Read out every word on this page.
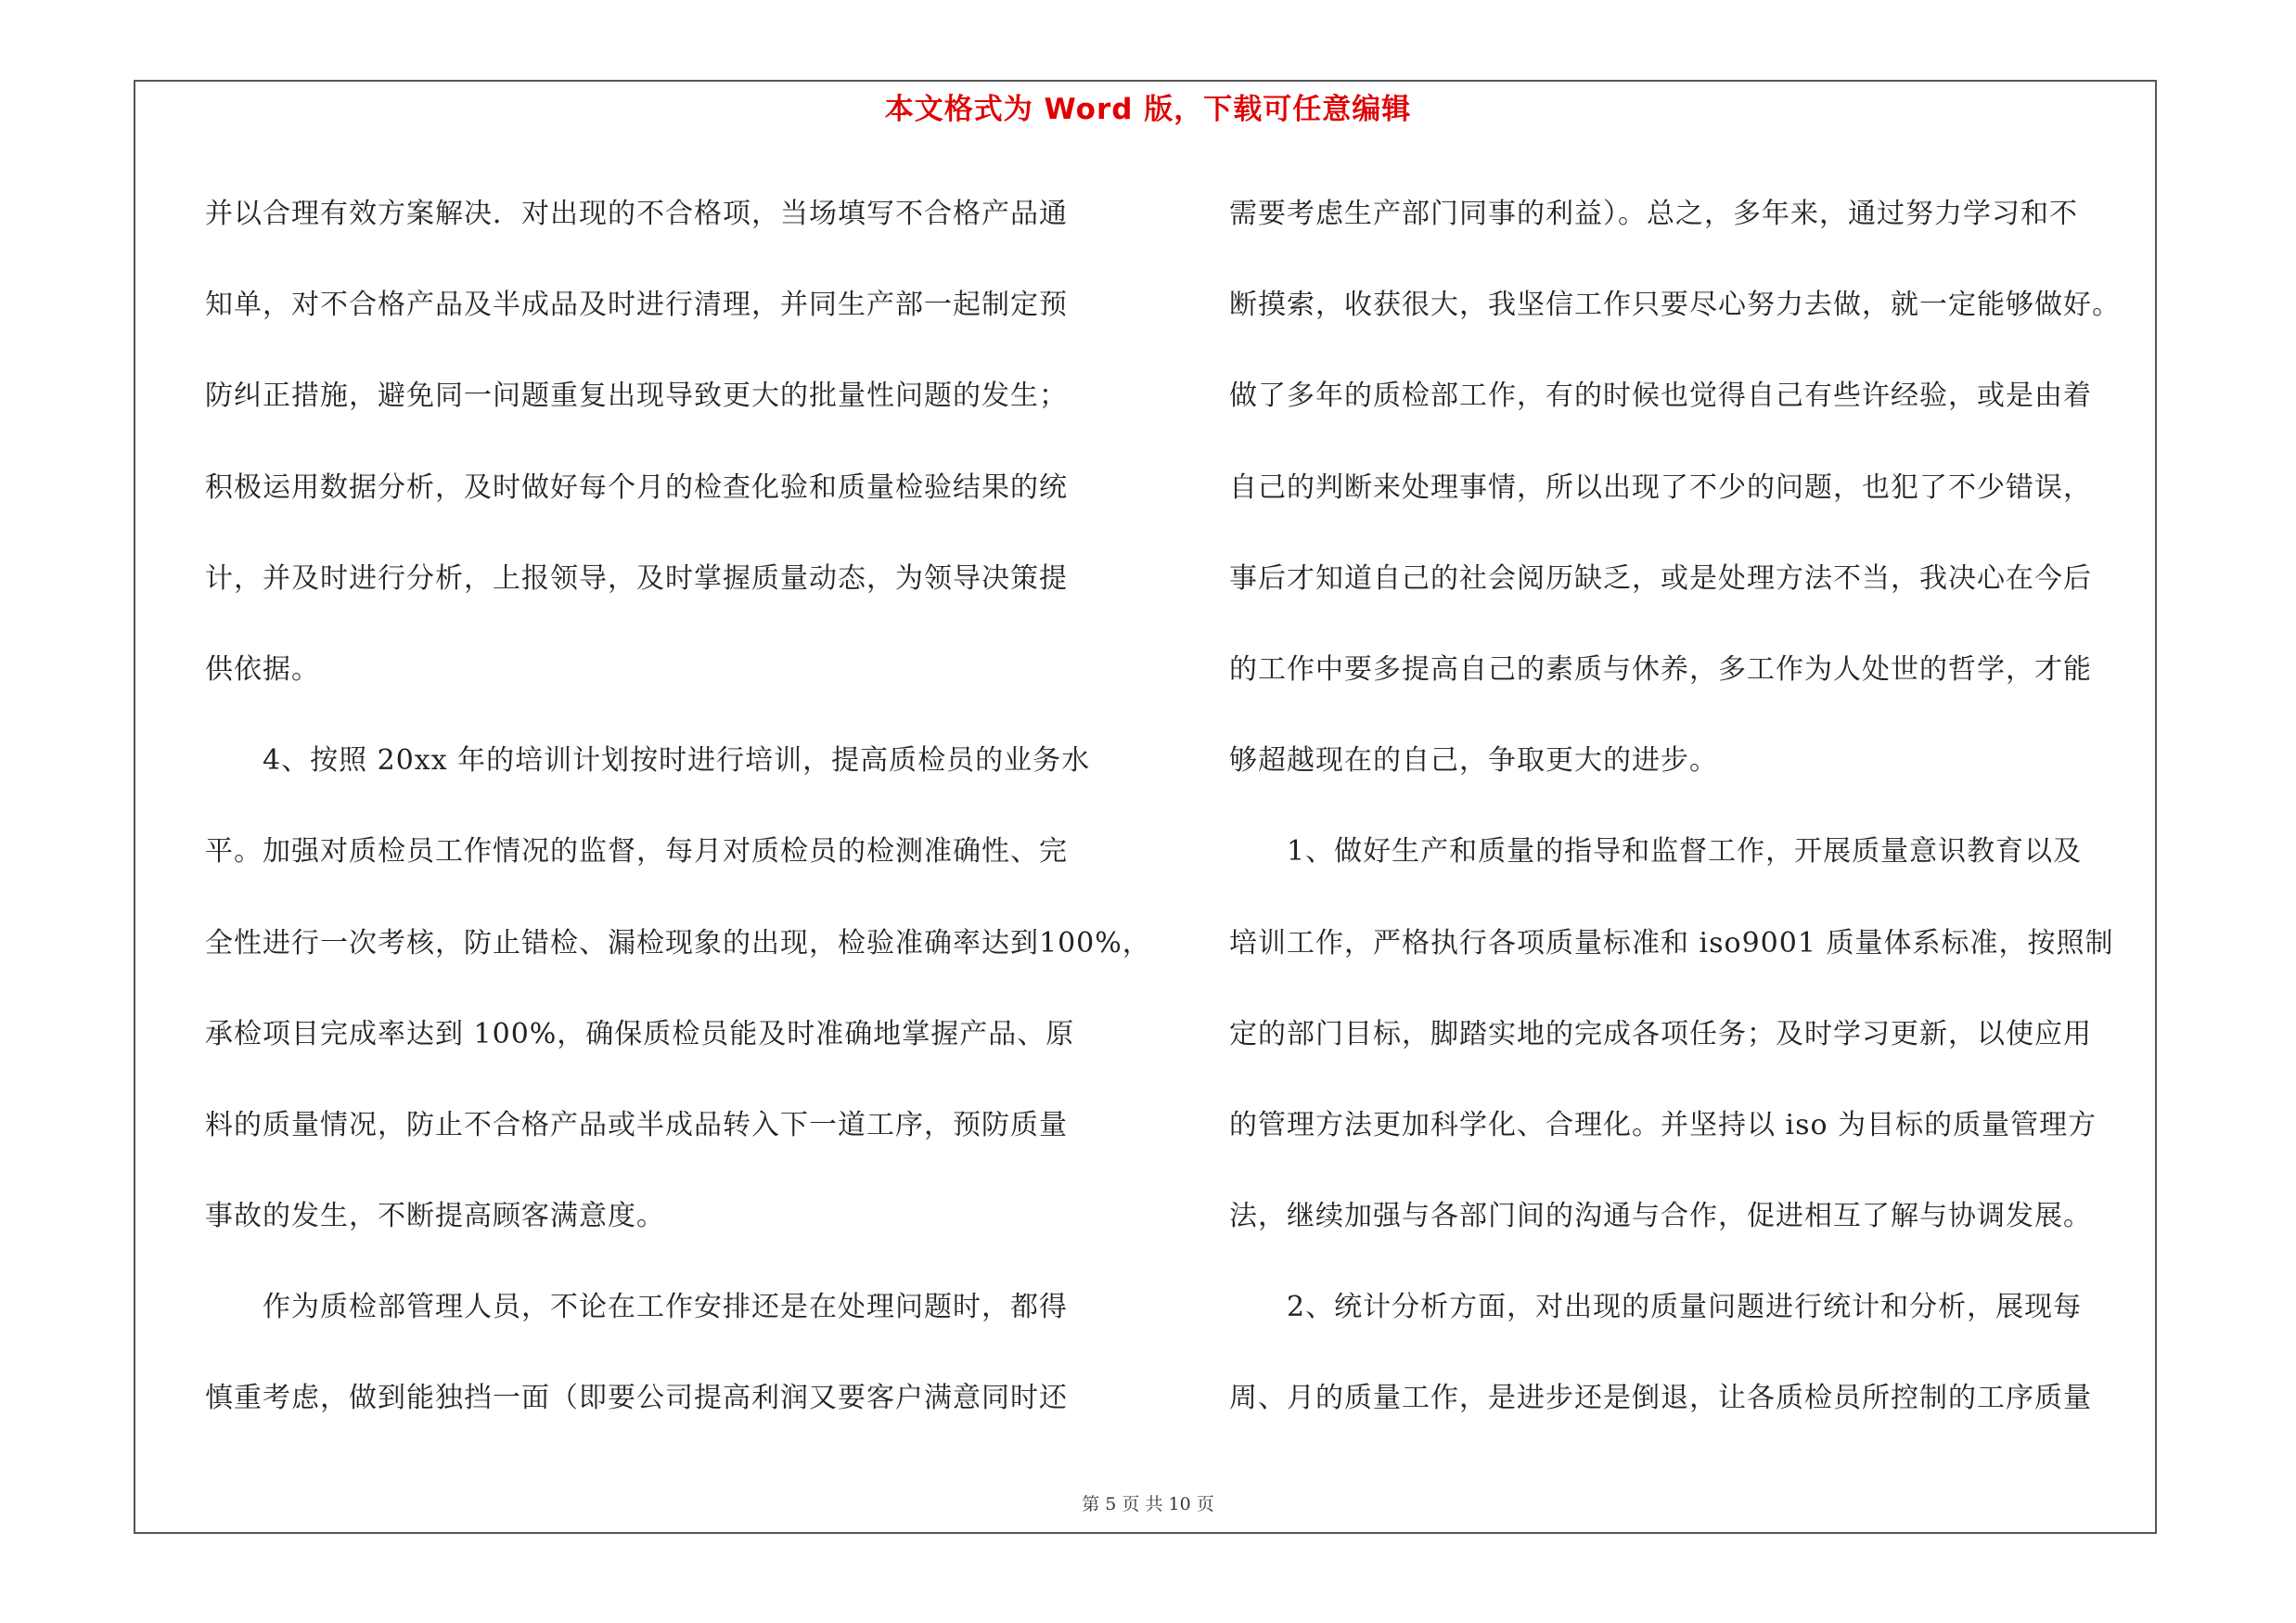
本文格式为 Word 版，下载可任意编辑
并以合理有效方案解决．对出现的不合格项，当场填写不合格产品通
知单，对不合格产品及半成品及时进行清理，并同生产部一起制定预
防纠正措施，避免同一问题重复出现导致更大的批量性问题的发生；
积极运用数据分析，及时做好每个月的检查化验和质量检验结果的统
计，并及时进行分析，上报领导，及时掌握质量动态，为领导决策提
供依据。
　　4、按照 20xx 年的培训计划按时进行培训，提高质检员的业务水
平。加强对质检员工作情况的监督，每月对质检员的检测准确性、完
全性进行一次考核，防止错检、漏检现象的出现，检验准确率达到100%，
承检项目完成率达到 100%，确保质检员能及时准确地掌握产品、原
料的质量情况，防止不合格产品或半成品转入下一道工序，预防质量
事故的发生，不断提高顾客满意度。
　　作为质检部管理人员，不论在工作安排还是在处理问题时，都得
慎重考虑，做到能独挡一面（即要公司提高利润又要客户满意同时还
需要考虑生产部门同事的利益）。总之，多年来，通过努力学习和不
断摸索，收获很大，我坚信工作只要尽心努力去做，就一定能够做好。
做了多年的质检部工作，有的时候也觉得自己有些许经验，或是由着
自己的判断来处理事情，所以出现了不少的问题，也犯了不少错误，
事后才知道自己的社会阅历缺乏，或是处理方法不当，我决心在今后
的工作中要多提高自己的素质与休养，多工作为人处世的哲学，才能
够超越现在的自己，争取更大的进步。
　　1、做好生产和质量的指导和监督工作，开展质量意识教育以及
培训工作，严格执行各项质量标准和 iso9001 质量体系标准，按照制
定的部门目标，脚踏实地的完成各项任务；及时学习更新，以使应用
的管理方法更加科学化、合理化。并坚持以 iso 为目标的质量管理方
法，继续加强与各部门间的沟通与合作，促进相互了解与协调发展。
　　2、统计分析方面，对出现的质量问题进行统计和分析，展现每
周、月的质量工作，是进步还是倒退，让各质检员所控制的工序质量
第 5 页 共 10 页
